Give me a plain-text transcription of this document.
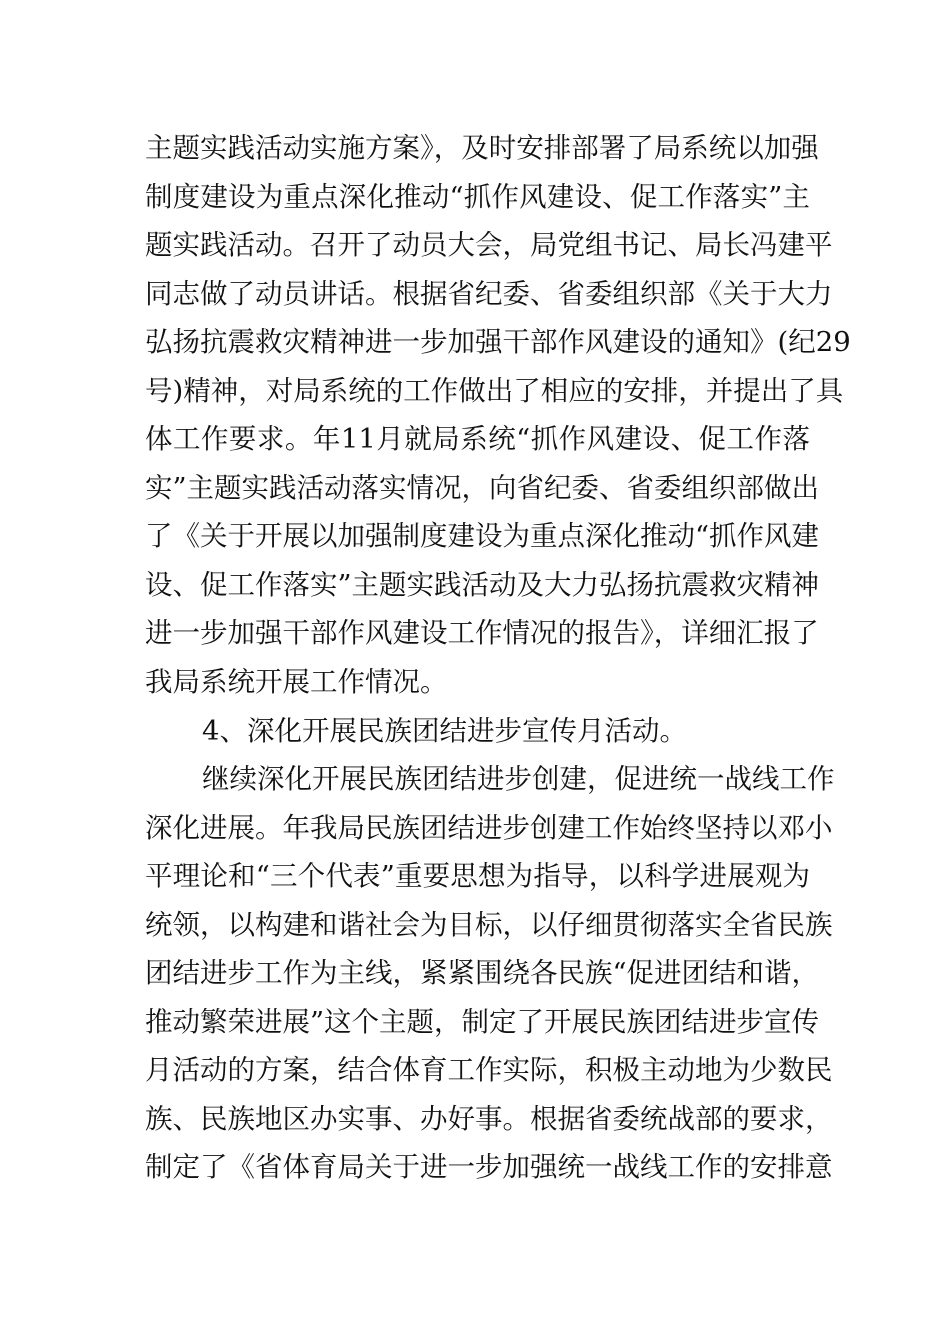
主题实践活动实施方案》，及时安排部署了局系统以加强
制度建设为重点深化推动“抓作风建设、促工作落实”主
题实践活动。召开了动员大会，局党组书记、局长冯建平
同志做了动员讲话。根据省纪委、省委组织部《关于大力
弘扬抗震救灾精神进一步加强干部作风建设的通知》(纪29
号)精神，对局系统的工作做出了相应的安排，并提出了具
体工作要求。年11月就局系统“抓作风建设、促工作落
实”主题实践活动落实情况，向省纪委、省委组织部做出
了《关于开展以加强制度建设为重点深化推动“抓作风建
设、促工作落实”主题实践活动及大力弘扬抗震救灾精神
进一步加强干部作风建设工作情况的报告》，详细汇报了
我局系统开展工作情况。
4、深化开展民族团结进步宣传月活动。
继续深化开展民族团结进步创建，促进统一战线工作
深化进展。年我局民族团结进步创建工作始终坚持以邓小
平理论和“三个代表”重要思想为指导，以科学进展观为
统领，以构建和谐社会为目标，以仔细贯彻落实全省民族
团结进步工作为主线，紧紧围绕各民族“促进团结和谐，
推动繁荣进展”这个主题，制定了开展民族团结进步宣传
月活动的方案，结合体育工作实际，积极主动地为少数民
族、民族地区办实事、办好事。根据省委统战部的要求，
制定了《省体育局关于进一步加强统一战线工作的安排意
